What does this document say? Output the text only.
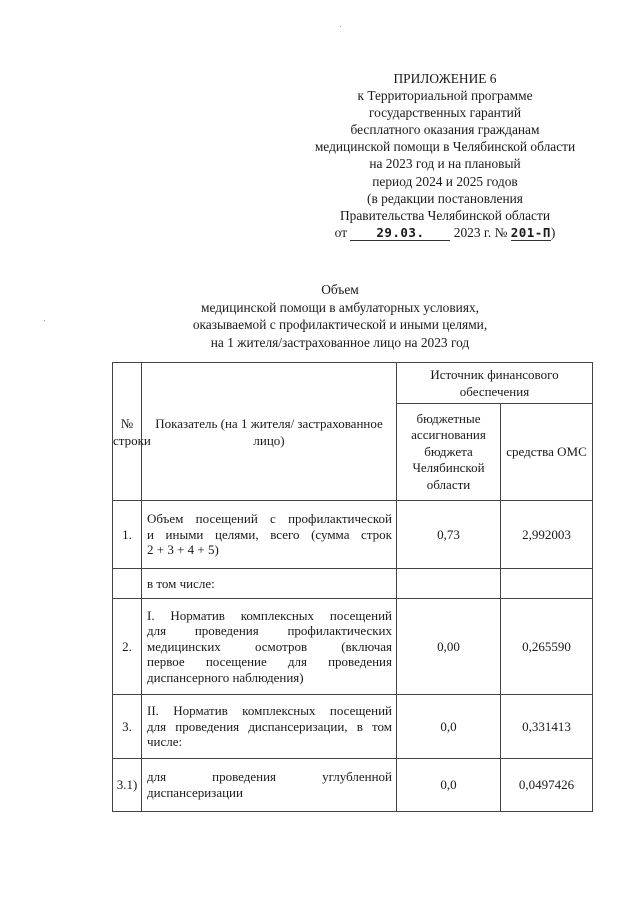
ПРИЛОЖЕНИЕ 6
к Территориальной программе
государственных гарантий
бесплатного оказания гражданам
медицинской помощи в Челябинской области
на 2023 год и на плановый
период 2024 и 2025 годов
(в редакции постановления
Правительства Челябинской области
от 29.03. 2023 г. № 201-П)
Объем
медицинской помощи в амбулаторных условиях,
оказываемой с профилактической и иными целями,
на 1 жителя/застрахованное лицо на 2023 год
№ строки	Показатель (на 1 жителя/ застрахованное лицо)	Источник финансового обеспечения	
		бюджетные ассигнования бюджета Челябинской области	средства ОМС
1.	Объем посещений с профилактической
и иными целями, всего (сумма строк
2 + 3 + 4 + 5)	0,73	2,992003

	в том числе:		

2.	I. Норматив комплексных посещений
для проведения профилактических
медицинских осмотров (включая
первое посещение для проведения
диспансерного наблюдения)	0,00	0,265590
3.	II. Норматив комплексных посещений
для проведения диспансеризации, в том
числе:	0,0	0,331413
3.1)	для проведения углубленной
диспансеризации	0,0	0,0497426
